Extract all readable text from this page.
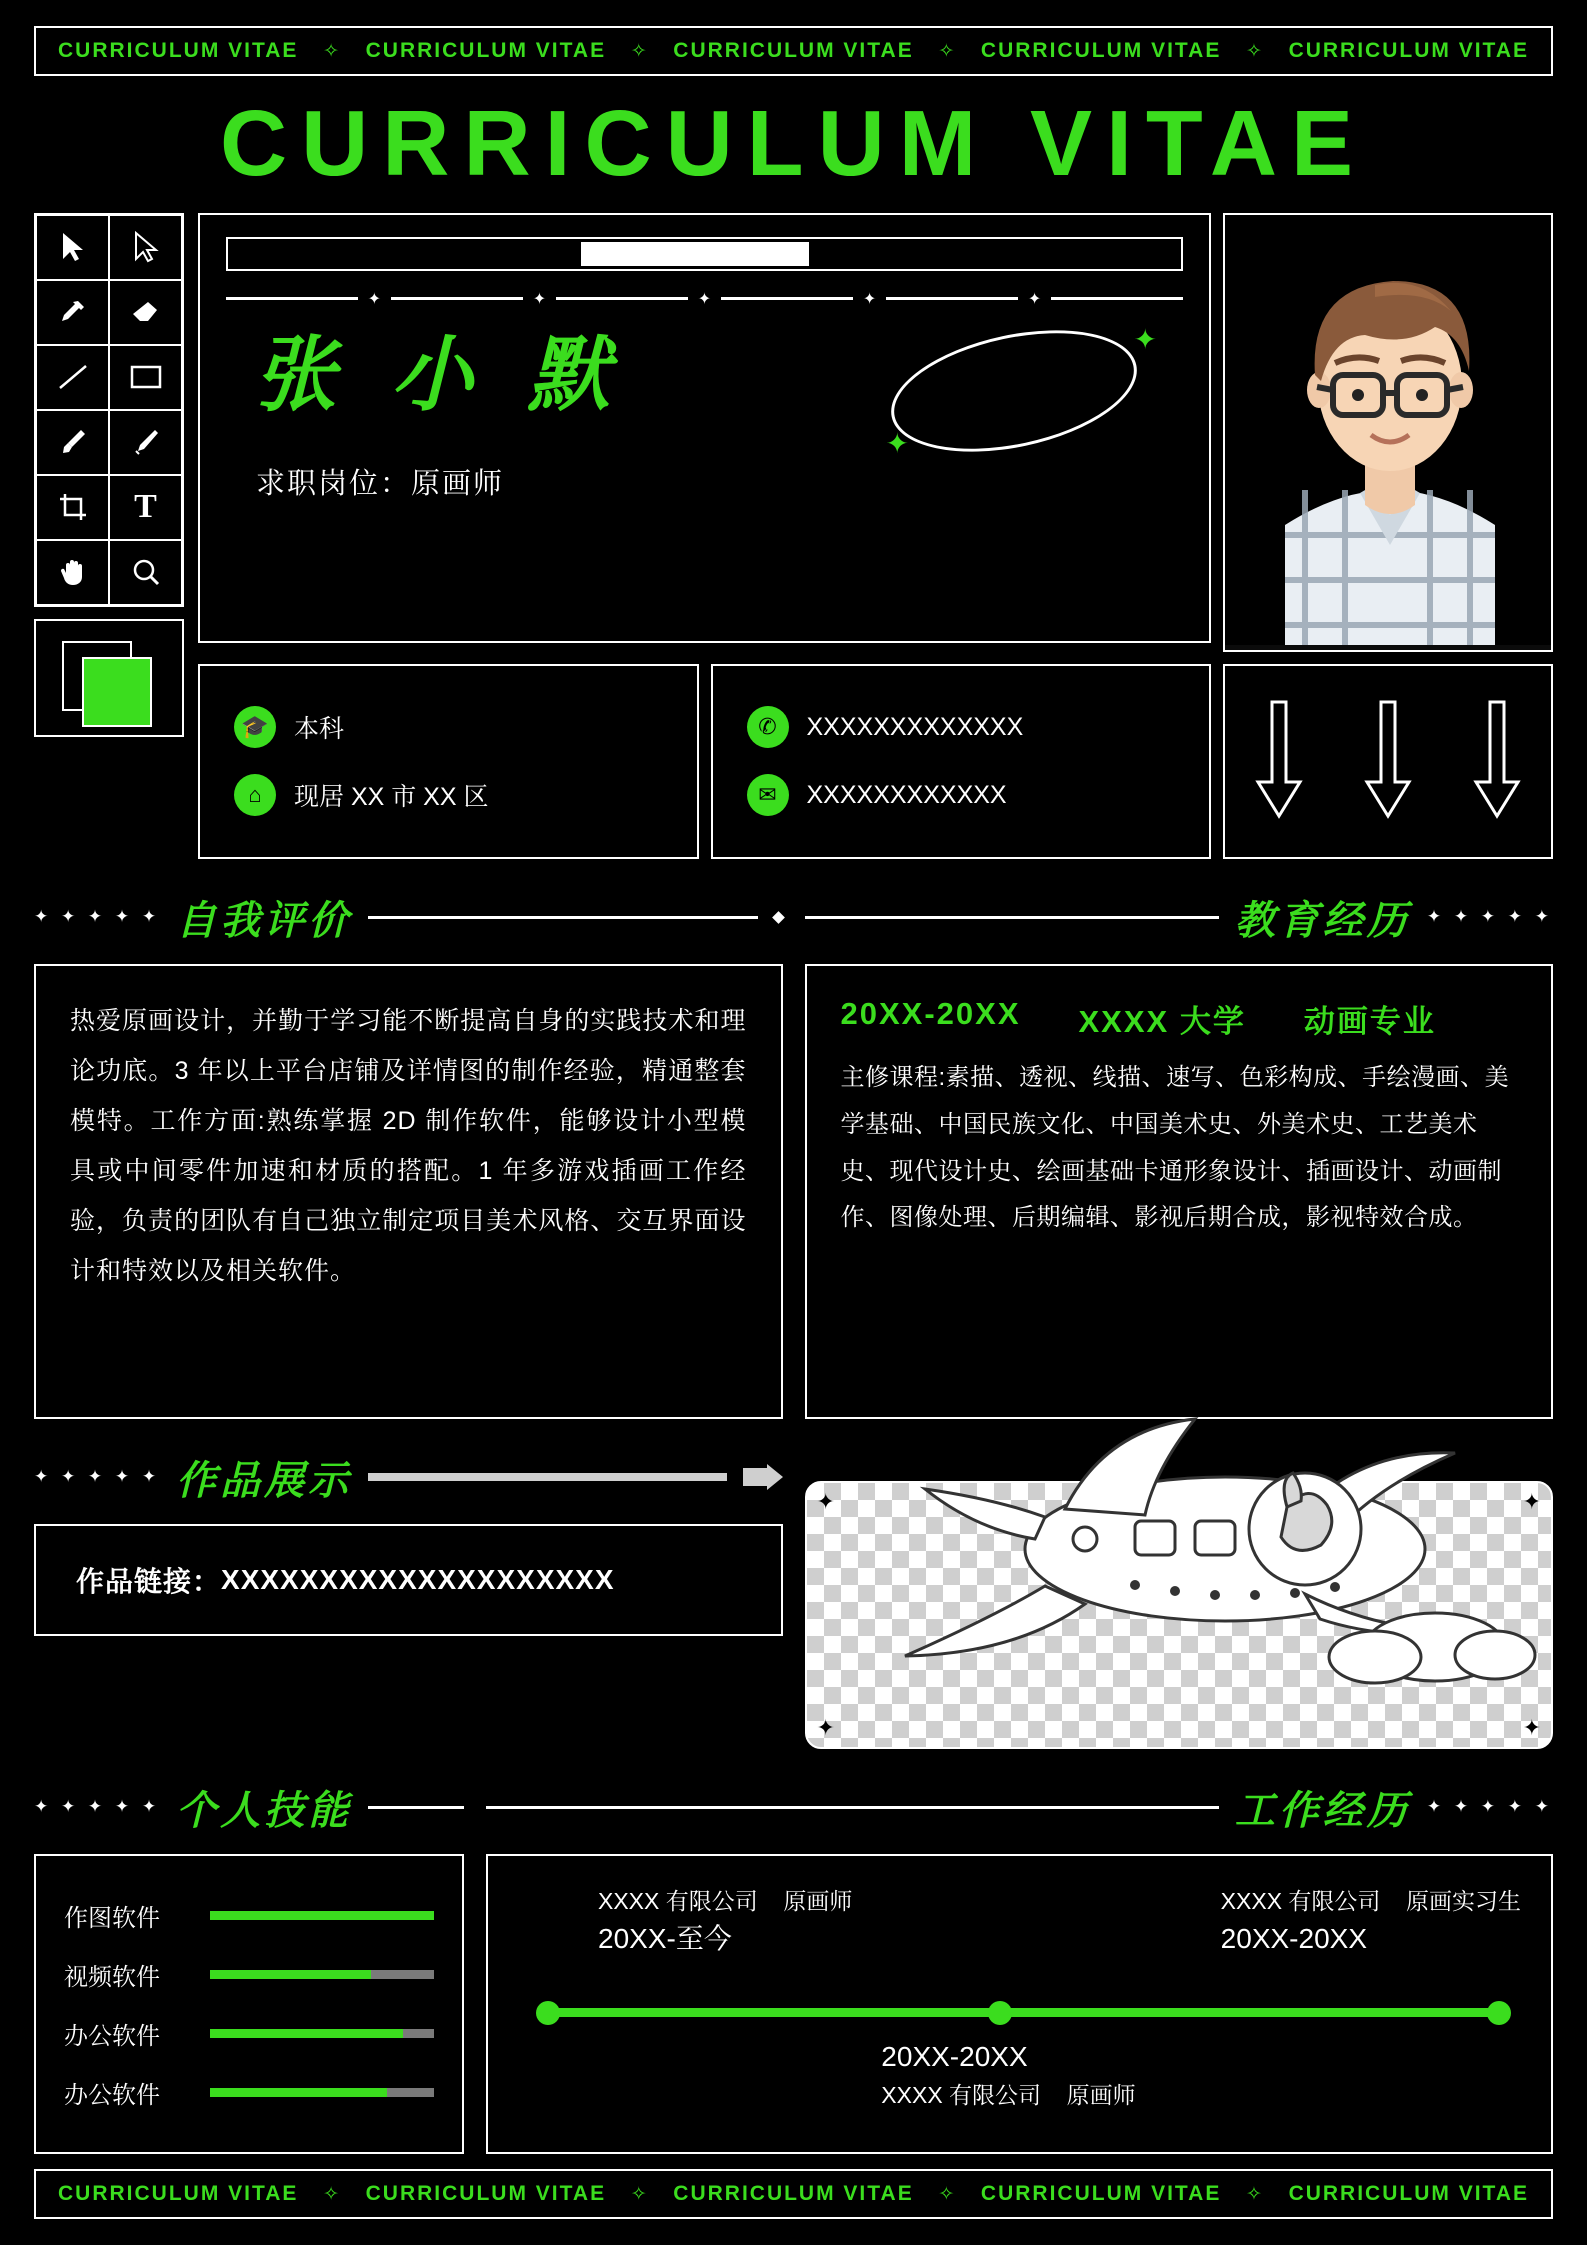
CURRICULUM VITAE	✧ CURRICULUM VITAE	✧ CURRICULUM VITAE	✧ CURRICULUM VITAE	✧ CURRICULUM VITAE
CURRICULUM VITAE
T
✦	✦	✦	✦	✦
张 小 默
求职岗位：原画师
✦
✦
🎓 本科
⌂	现居 XX 市 XX 区
✆	XXXXXXXXXXXXX
✉	XXXXXXXXXXXX
✦ ✦ ✦ ✦ ✦ 自我评价	教育经历 ✦ ✦ ✦ ✦ ✦
热爱原画设计，并勤于学习能不断提高自身的实践技术和理论功底。3 年以上平台店铺及详情图的制作经验，精通整套模特。工作方面:熟练掌握 2D 制作软件，能够设计小型模具或中间零件加速和材质的搭配。1 年多游戏插画工作经验，负责的团队有自己独立制定项目美术风格、交互界面设计和特效以及相关软件。
20XX-20XX XXXX 大学 动画专业
主修课程:素描、透视、线描、速写、色彩构成、手绘漫画、美学基础、中国民族文化、中国美术史、外美术史、工艺美术史、现代设计史、绘画基础卡通形象设计、插画设计、动画制作、图像处理、后期编辑、影视后期合成，影视特效合成。
✦ ✦ ✦ ✦ ✦ 作品展示
作品链接： XXXXXXXXXXXXXXXXXXXX
✦	✦
✦	✦
✦ ✦ ✦ ✦ ✦ 个人技能	工作经历 ✦ ✦ ✦ ✦ ✦
作图软件
视频软件
办公软件
办公软件
XXXX 有限公司 原画师
20XX-至今
XXXX 有限公司 原画实习生
20XX-20XX
20XX-20XX
XXXX 有限公司 原画师
CURRICULUM VITAE	✧ CURRICULUM VITAE	✧ CURRICULUM VITAE	✧ CURRICULUM VITAE	✧ CURRICULUM VITAE
